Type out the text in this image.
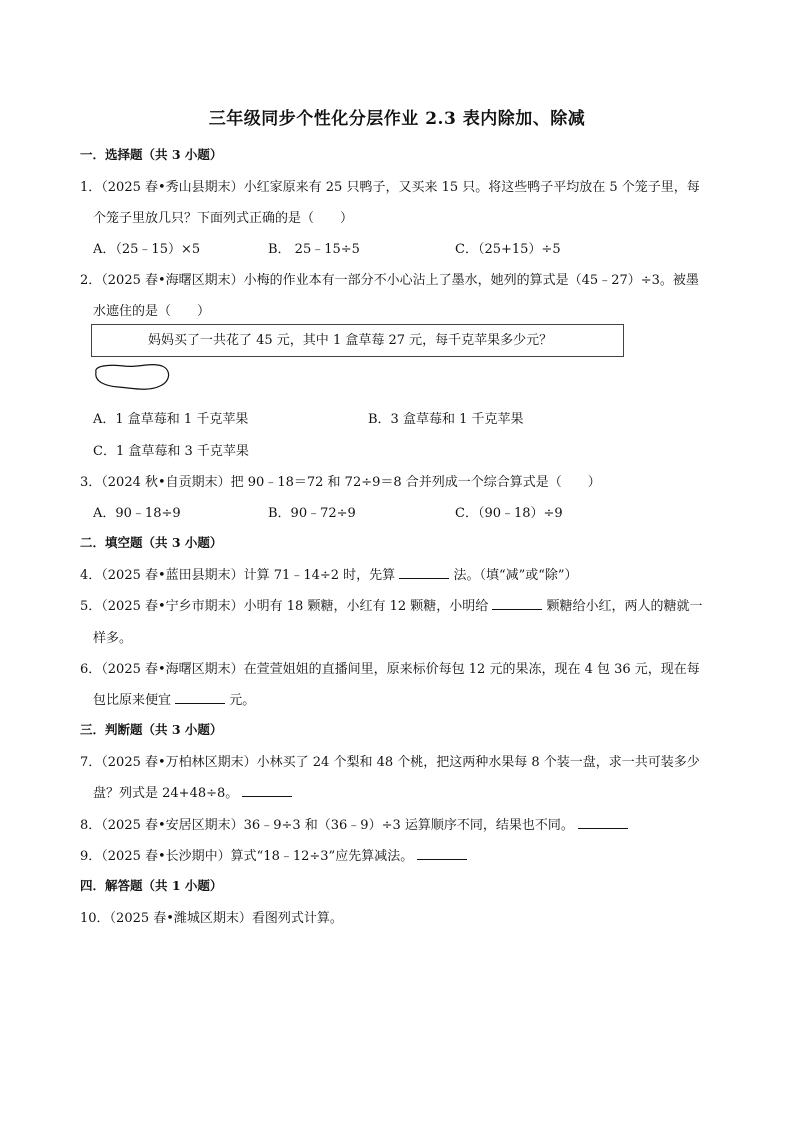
三年级同步个性化分层作业 2.3 表内除加、除减
一．选择题（共 3 小题）
1．（2025 春•秀山县期末）小红家原来有 25 只鸭子，又买来 15 只。将这些鸭子平均放在 5 个笼子里，每
个笼子里放几只？下面列式正确的是（　　）
A．（25﹣15）×5	B． 25﹣15÷5	C．（25+15）÷5
2．（2025 春•海曙区期末）小梅的作业本有一部分不小心沾上了墨水，她列的算式是（45﹣27）÷3。被墨
水遮住的是（　　）
妈妈买了一共花了 45 元，其中 1 盒草莓 27 元，每千克苹果多少元？
A．1 盒草莓和 1 千克苹果	B．3 盒草莓和 1 千克苹果
C．1 盒草莓和 3 千克苹果
3．（2024 秋•自贡期末）把 90﹣18＝72 和 72÷9＝8 合并列成一个综合算式是（　　）
A．90﹣18÷9	B．90﹣72÷9	C．（90﹣18）÷9
二．填空题（共 3 小题）
4．（2025 春•蓝田县期末）计算 71﹣14÷2 时，先算	法。（填“减”或“除”）
5．（2025 春•宁乡市期末）小明有 18 颗糖，小红有 12 颗糖，小明给	颗糖给小红，两人的糖就一
样多。
6．（2025 春•海曙区期末）在萱萱姐姐的直播间里，原来标价每包 12 元的果冻，现在 4 包 36 元，现在每
包比原来便宜	元。
三．判断题（共 3 小题）
7．（2025 春•万柏林区期末）小林买了 24 个梨和 48 个桃，把这两种水果每 8 个装一盘，求一共可装多少
盘？列式是 24+48÷8。
8．（2025 春•安居区期末）36﹣9÷3 和（36﹣9）÷3 运算顺序不同，结果也不同。
9．（2025 春•长沙期中）算式“18﹣12÷3”应先算减法。
四．解答题（共 1 小题）
10．（2025 春•潍城区期末）看图列式计算。
